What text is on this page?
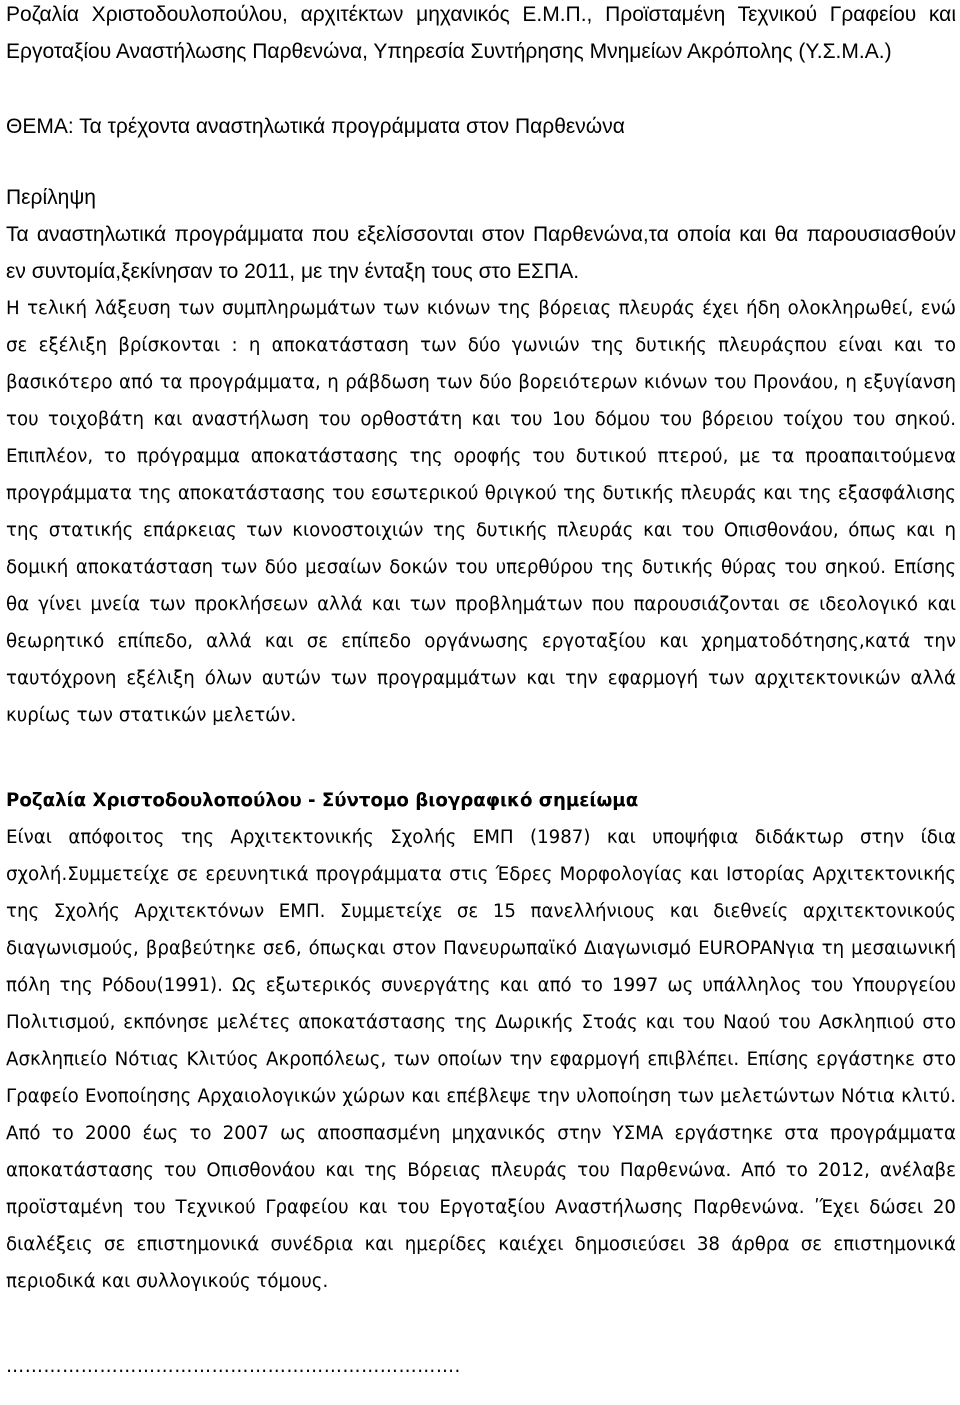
Ροζαλία Χριστοδουλοπούλου, αρχιτέκτων μηχανικός Ε.Μ.Π., Προϊσταμένη Τεχνικού Γραφείου και Εργοταξίου Αναστήλωσης Παρθενώνα, Υπηρεσία Συντήρησης Μνημείων Ακρόπολης (Υ.Σ.Μ.Α.)

ΘΕΜΑ: Τα τρέχοντα αναστηλωτικά προγράμματα στον Παρθενώνα

Περίληψη

Τα αναστηλωτικά προγράμματα που εξελίσσονται στον Παρθενώνα,τα οποία και θα παρουσιασθούν εν συντομία,ξεκίνησαν το 2011, με την ένταξη τους στο ΕΣΠΑ.

Η τελική λάξευση των συμπληρωμάτων των κιόνων της βόρειας πλευράς έχει ήδη ολοκληρωθεί, ενώ σε εξέλιξη βρίσκονται : η αποκατάσταση των δύο γωνιών της δυτικής πλευράςπου είναι και το βασικότερο από τα προγράμματα, η ράβδωση των δύο βορειότερων κιόνων του Προνάου, η εξυγίανση του τοιχοβάτη και αναστήλωση του ορθοστάτη και του 1ου δόμου του βόρειου τοίχου του σηκού. Επιπλέον, το πρόγραμμα αποκατάστασης της οροφής του δυτικού πτερού, με τα προαπαιτούμενα προγράμματα της αποκατάστασης του εσωτερικού θριγκού της δυτικής πλευράς και της εξασφάλισης της στατικής επάρκειας των κιονοστοιχιών της δυτικής πλευράς και του Οπισθονάου, όπως και η δομική αποκατάσταση των δύο μεσαίων δοκών του υπερθύρου της δυτικής θύρας του σηκού. Επίσης θα γίνει μνεία των προκλήσεων αλλά και των προβλημάτων που παρουσιάζονται σε ιδεολογικό και θεωρητικό επίπεδο, αλλά και σε επίπεδο οργάνωσης εργοταξίου και χρηματοδότησης,κατά την ταυτόχρονη εξέλιξη όλων αυτών των προγραμμάτων και την εφαρμογή των αρχιτεκτονικών αλλά κυρίως των στατικών μελετών.

Ροζαλία Χριστοδουλοπούλου - Σύντομο βιογραφικό σημείωμα

Είναι απόφοιτος της Αρχιτεκτονικής Σχολής ΕΜΠ (1987) και υποψήφια διδάκτωρ στην ίδια σχολή.Συμμετείχε σε ερευνητικά προγράμματα στις Έδρες Μορφολογίας και Ιστορίας Αρχιτεκτονικής της Σχολής Αρχιτεκτόνων ΕΜΠ. Συμμετείχε σε 15 πανελλήνιους και διεθνείς αρχιτεκτονικούς διαγωνισμούς, βραβεύτηκε σε6, όπωςκαι στον Πανευρωπαϊκό Διαγωνισμό EUROPANγια τη μεσαιωνική πόλη της Ρόδου(1991). Ως εξωτερικός συνεργάτης και από το 1997 ως υπάλληλος του Υπουργείου Πολιτισμού, εκπόνησε μελέτες αποκατάστασης της Δωρικής Στοάς και του Ναού του Ασκληπιού στο Ασκληπιείο Νότιας Κλιτύος Ακροπόλεως, των οποίων την εφαρμογή επιβλέπει. Επίσης εργάστηκε στο Γραφείο Ενοποίησης Αρχαιολογικών χώρων και επέβλεψε την υλοποίηση των μελετώντων Νότια κλιτύ. Από το 2000 έως το 2007 ως αποσπασμένη μηχανικός στην ΥΣΜΑ εργάστηκε στα προγράμματα αποκατάστασης του Οπισθονάου και της Βόρειας πλευράς του Παρθενώνα. Από το 2012, ανέλαβε προϊσταμένη του Τεχνικού Γραφείου και του Εργοταξίου Αναστήλωσης Παρθενώνα. ʹΈχει δώσει 20 διαλέξεις σε επιστημονικά συνέδρια και ημερίδες καιέχει δημοσιεύσει 38 άρθρα σε επιστημονικά περιοδικά και συλλογικούς τόμους.

……………………………………………………………….
